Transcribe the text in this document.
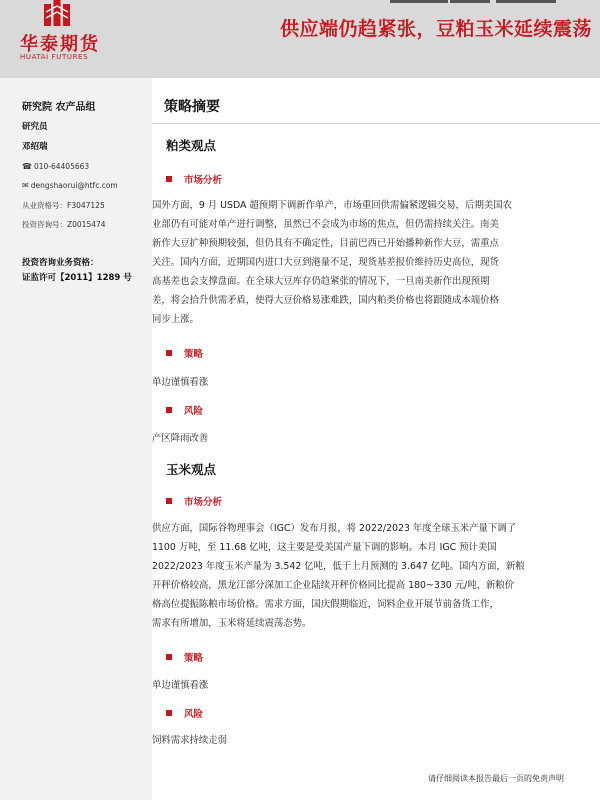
华泰期货
HUATAI FUTURES
供应端仍趋紧张，豆粕玉米延续震荡
研究院 农产品组
研究员
邓绍瑞
☎ 010-64405663
✉ dengshaorui@htfc.com
从业资格号：F3047125
投资咨询号：Z0015474
投资咨询业务资格：
证监许可【2011】1289 号
策略摘要
粕类观点
市场分析
国外方面，9 月 USDA 超预期下调新作单产，市场重回供需偏紧逻辑交易，后期美国农
业部仍有可能对单产进行调整，虽然已不会成为市场的焦点，但仍需持续关注。南美
新作大豆扩种预期较强，但仍具有不确定性，目前巴西已开始播种新作大豆，需重点
关注。国内方面，近期国内进口大豆到港量不足，现货基差报价维持历史高位，现货
高基差也会支撑盘面。在全球大豆库存仍趋紧张的情况下，一旦南美新作出现预期
差，将会拾升供需矛盾，使得大豆价格易涨难跌，国内粕类价格也将跟随成本端价格
同步上涨。
策略
单边谨慎看涨
风险
产区降雨改善
玉米观点
市场分析
供应方面，国际谷物理事会（IGC）发布月报，将 2022/2023 年度全球玉米产量下调了
1100 万吨，至 11.68 亿吨，这主要是受美国产量下调的影响。本月 IGC 预计美国
2022/2023 年度玉米产量为 3.542 亿吨，低于上月预测的 3.647 亿吨。国内方面，新粮
开秤价格较高，黑龙江部分深加工企业陆续开秤价格同比提高 180~330 元/吨，新粮价
格高位提振陈粮市场价格。需求方面，国庆假期临近，饲料企业开展节前备货工作，
需求有所增加，玉米将延续震荡态势。
策略
单边谨慎看涨
风险
饲料需求持续走弱
请仔细阅读本报告最后一页的免责声明
